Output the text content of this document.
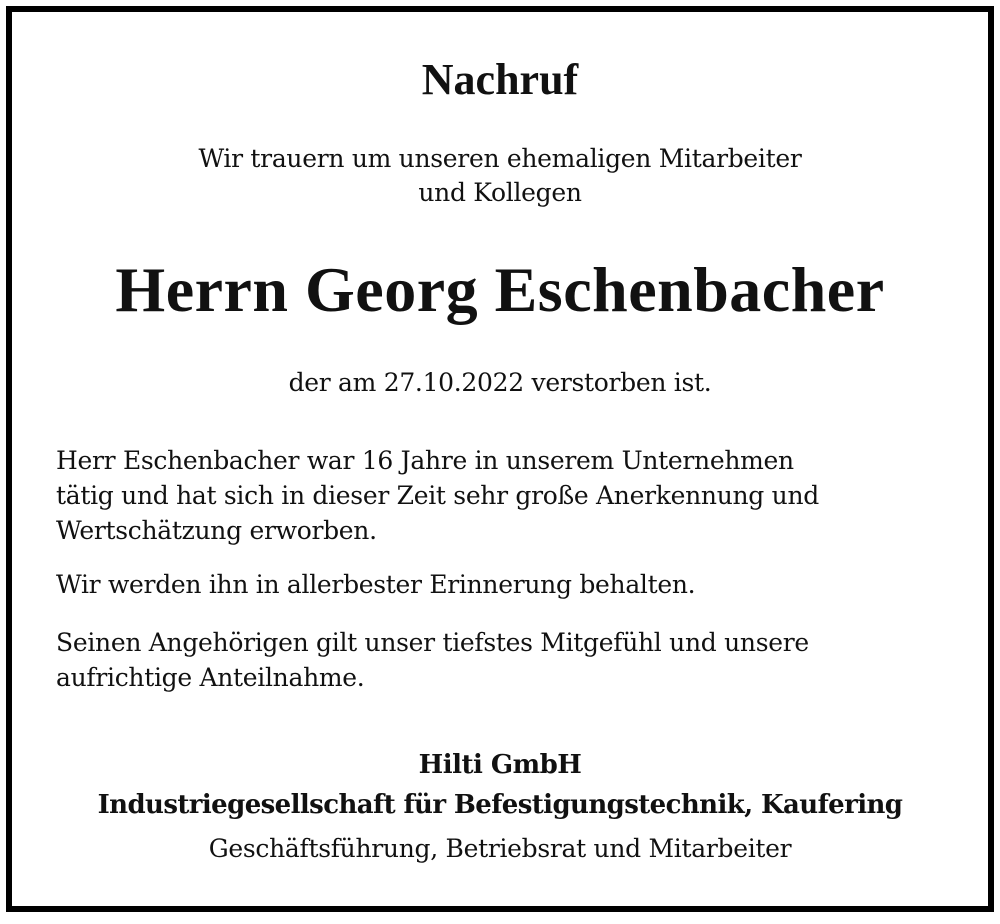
Nachruf
Wir trauern um unseren ehemaligen Mitarbeiter
und Kollegen
Herrn Georg Eschenbacher
der am 27.10.2022 verstorben ist.
Herr Eschenbacher war 16 Jahre in unserem Unternehmen
tätig und hat sich in dieser Zeit sehr große Anerkennung und
Wertschätzung erworben.
Wir werden ihn in allerbester Erinnerung behalten.
Seinen Angehörigen gilt unser tiefstes Mitgefühl und unsere
aufrichtige Anteilnahme.
Hilti GmbH
Industriegesellschaft für Befestigungstechnik, Kaufering
Geschäftsführung, Betriebsrat und Mitarbeiter
